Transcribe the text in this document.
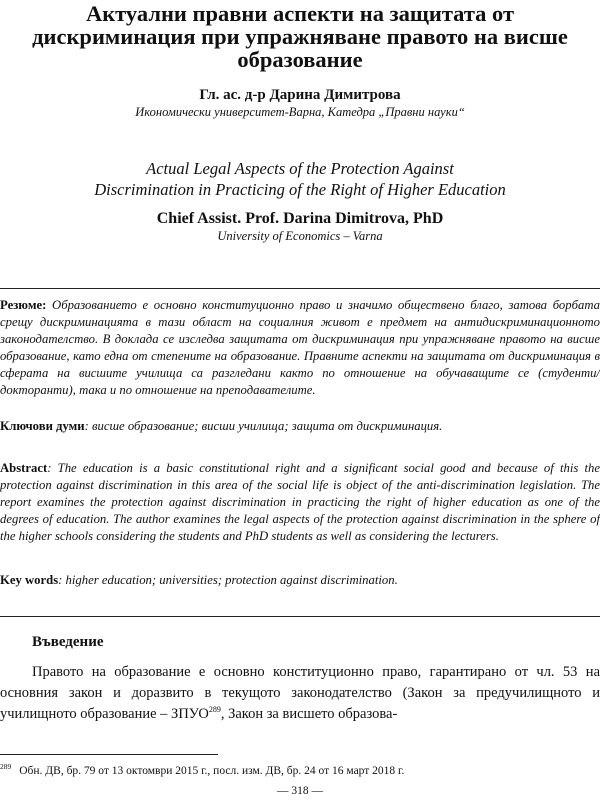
Актуални правни аспекти на защитата от дискриминация при упражняване правото на висше образование
Гл. ас. д-р Дарина Димитрова
Икономически университет-Варна, Катедра „Правни науки“
Actual Legal Aspects of the Protection Against
Discrimination in Practicing of the Right of Higher Education
Chief Assist. Prof. Darina Dimitrova, PhD
University of Economics – Varna
Резюме: Образованието е основно конституционно право и значимо обществено благо, затова борбата срещу дискриминацията в тази област на социалния живот е предмет на антидискриминационното законодателство. В доклада се изследва защитата от дискриминация при упражняване правото на висше образование, като една от степените на образование. Правните аспекти на защитата от дискриминация в сферата на висшите училища са разгледани както по отношение на обучаващите се (студенти/докторанти), така и по отношение на преподавателите.
Ключови думи: висше образование; висши училища; защита от дискриминация.
Abstract: The education is a basic constitutional right and a significant social good and because of this the protection against discrimination in this area of the social life is object of the anti-discrimination legislation. The report examines the protection against discrimination in practicing the right of higher education as one of the degrees of education. The author examines the legal aspects of the protection against discrimination in the sphere of the higher schools considering the students and PhD students as well as considering the lecturers.
Key words: higher education; universities; protection against discrimination.
Въведение
Правото на образование е основно конституционно право, гарантирано от чл. 53 на основния закон и доразвито в текущото законодателство (Закон за предучилищното и училищното образование – ЗПУО$^{289}$, Закон за висшето образова-
$^{289}$ Обн. ДВ, бр. 79 от 13 октомври 2015 г., посл. изм. ДВ, бр. 24 от 16 март 2018 г.
— 318 —
